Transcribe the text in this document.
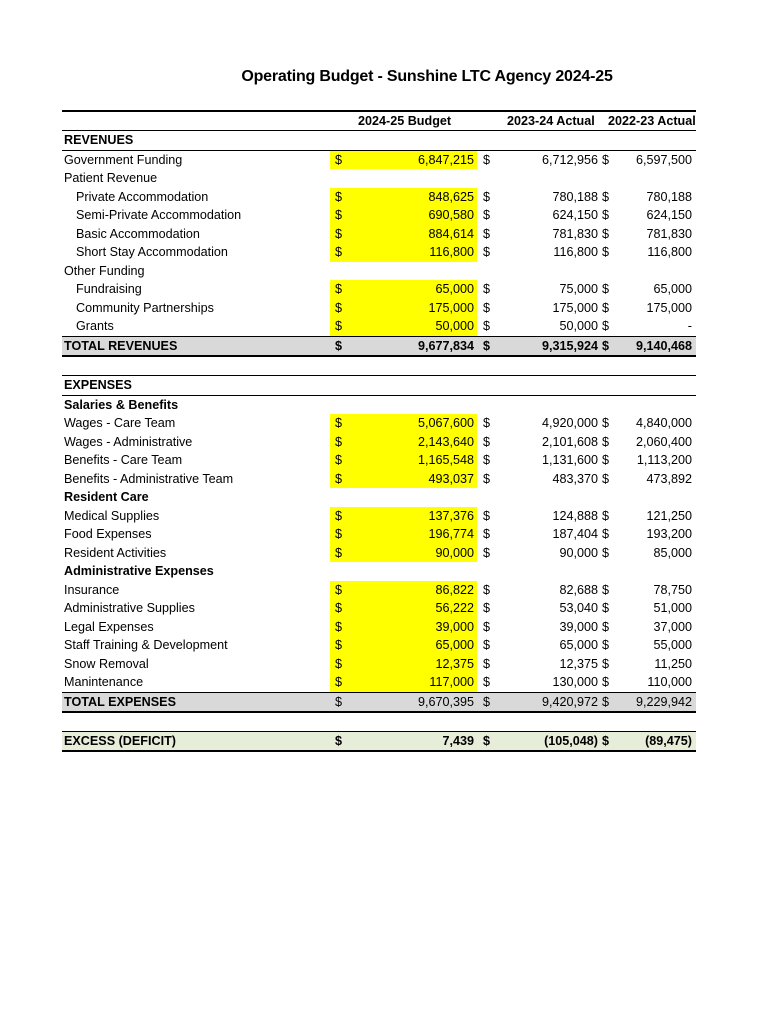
Operating Budget - Sunshine LTC Agency 2024-25
2024-25 Budget	2023-24 Actual 2022-23 Actual
REVENUES
Government Funding	$	6,847,215 $	6,712,956 $ 6,597,500
Patient Revenue
Private Accommodation	$	848,625 $	780,188 $	780,188
Semi-Private Accommodation	$	690,580 $	624,150 $	624,150
Basic Accommodation	$	884,614 $	781,830 $	781,830
Short Stay Accommodation	$	116,800 $	116,800 $	116,800
Other Funding
Fundraising	$	65,000 $	75,000 $	65,000
Community Partnerships	$	175,000 $	175,000 $	175,000
Grants	$	50,000 $	50,000 $	-
TOTAL REVENUES	$	9,677,834 $	9,315,924 $ 9,140,468
EXPENSES
Salaries & Benefits
Wages - Care Team	$	5,067,600 $	4,920,000 $ 4,840,000
Wages - Administrative	$	2,143,640 $	2,101,608 $ 2,060,400
Benefits - Care Team	$	1,165,548 $	1,131,600 $ 1,113,200
Benefits - Administrative Team	$	493,037 $	483,370 $	473,892
Resident Care
Medical Supplies	$	137,376 $	124,888 $	121,250
Food Expenses	$	196,774 $	187,404 $	193,200
Resident Activities	$	90,000 $	90,000 $	85,000
Administrative Expenses
Insurance	$	86,822 $	82,688 $	78,750
Administrative Supplies	$	56,222 $	53,040 $	51,000
Legal Expenses	$	39,000 $	39,000 $	37,000
Staff Training & Development	$	65,000 $	65,000 $	55,000
Snow Removal	$	12,375 $	12,375 $	11,250
Manintenance	$	117,000 $	130,000 $	110,000
TOTAL EXPENSES	$	9,670,395 $	9,420,972 $ 9,229,942
EXCESS (DEFICIT)	$	7,439 $	(105,048) $	(89,475)
